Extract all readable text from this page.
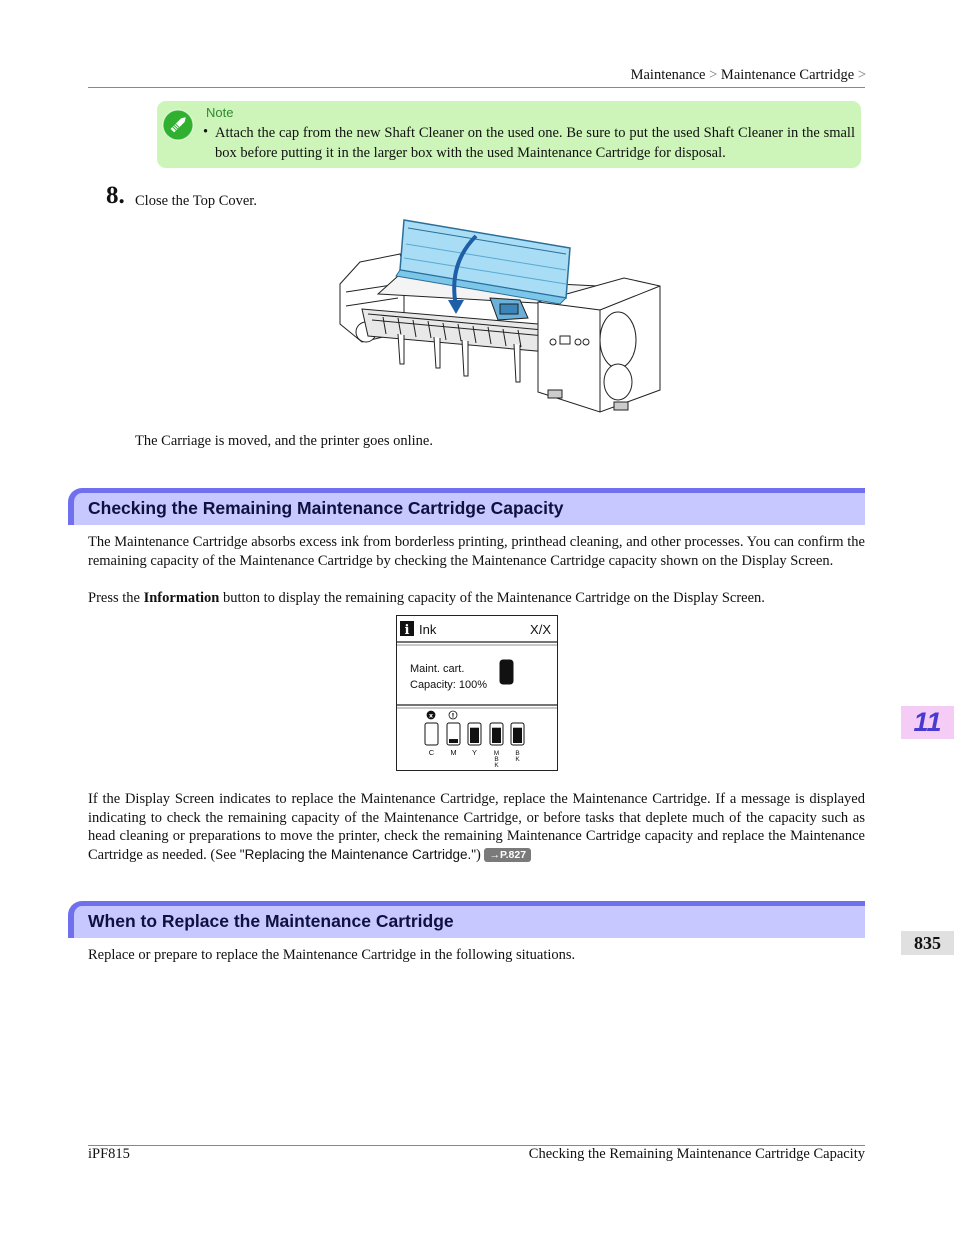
Maintenance > Maintenance Cartridge >
Note
• Attach the cap from the new Shaft Cleaner on the used one. Be sure to put the used Shaft Cleaner in the small box before putting it in the larger box with the used Maintenance Cartridge for disposal.
8. Close the Top Cover.
The Carriage is moved, and the printer goes online.
Checking the Remaining Maintenance Cartridge Capacity
The Maintenance Cartridge absorbs excess ink from borderless printing, printhead cleaning, and other processes. You can confirm the remaining capacity of the Maintenance Cartridge by checking the Maintenance Cartridge capacity shown on the Display Screen.
Press the Information button to display the remaining capacity of the Maintenance Cartridge on the Display Screen.
i Ink	X/X
Maint. cart.
Capacity: 100%
C M Y	M
B
K
B
K
x	!
If the Display Screen indicates to replace the Maintenance Cartridge, replace the Maintenance Cartridge. If a message is displayed indicating to check the remaining capacity of the Maintenance Cartridge, or before tasks that deplete much of the capacity such as head cleaning or preparations to move the printer, check the remaining Maintenance Cartridge capacity and replace the Maintenance Cartridge as needed. (See "Replacing the Maintenance Cartridge.") →P.827
When to Replace the Maintenance Cartridge
Replace or prepare to replace the Maintenance Cartridge in the following situations.
11
835
iPF815	Checking the Remaining Maintenance Cartridge Capacity
